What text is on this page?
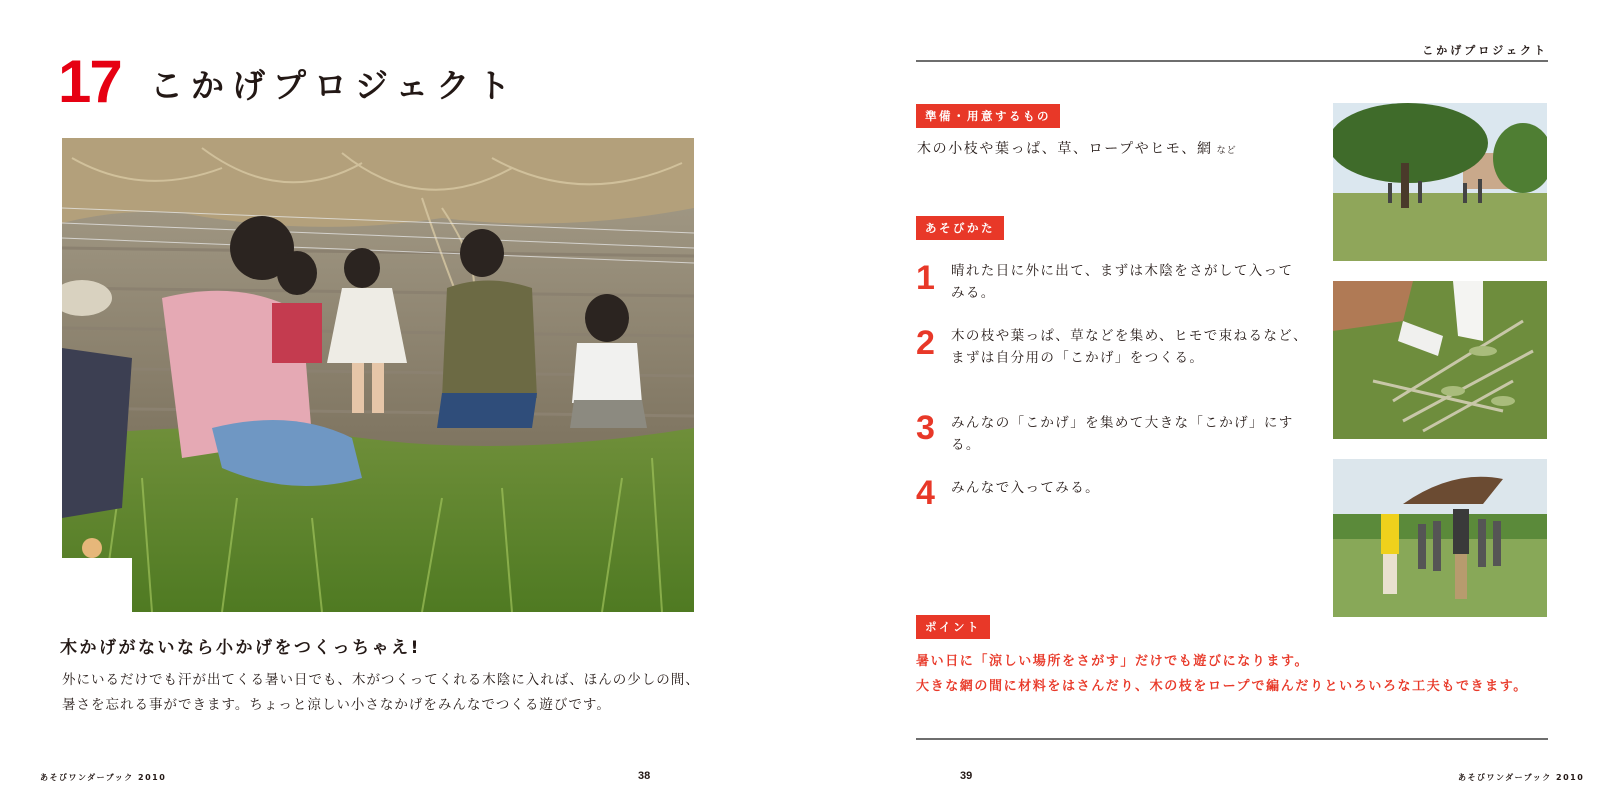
17 こかげプロジェクト
木かげがないなら小かげをつくっちゃえ!
外にいるだけでも汗が出てくる暑い日でも、木がつくってくれる木陰に入れば、ほんの少しの間、
暑さを忘れる事ができます。ちょっと涼しい小さなかげをみんなでつくる遊びです。
あそびワンダーブック 2010	38
こかげプロジェクト
準備・用意するもの
木の小枝や葉っぱ、草、ロープやヒモ、網 など
あそびかた
1 晴れた日に外に出て、まずは木陰をさがして入って
みる。
2 木の枝や葉っぱ、草などを集め、ヒモで束ねるなど、
まずは自分用の「こかげ」をつくる。
3 みんなの「こかげ」を集めて大きな「こかげ」にする。
4 みんなで入ってみる。
ポイント
暑い日に「涼しい場所をさがす」だけでも遊びになります。
大きな網の間に材料をはさんだり、木の枝をロープで編んだりといろいろな工夫もできます。
39	あそびワンダーブック 2010
